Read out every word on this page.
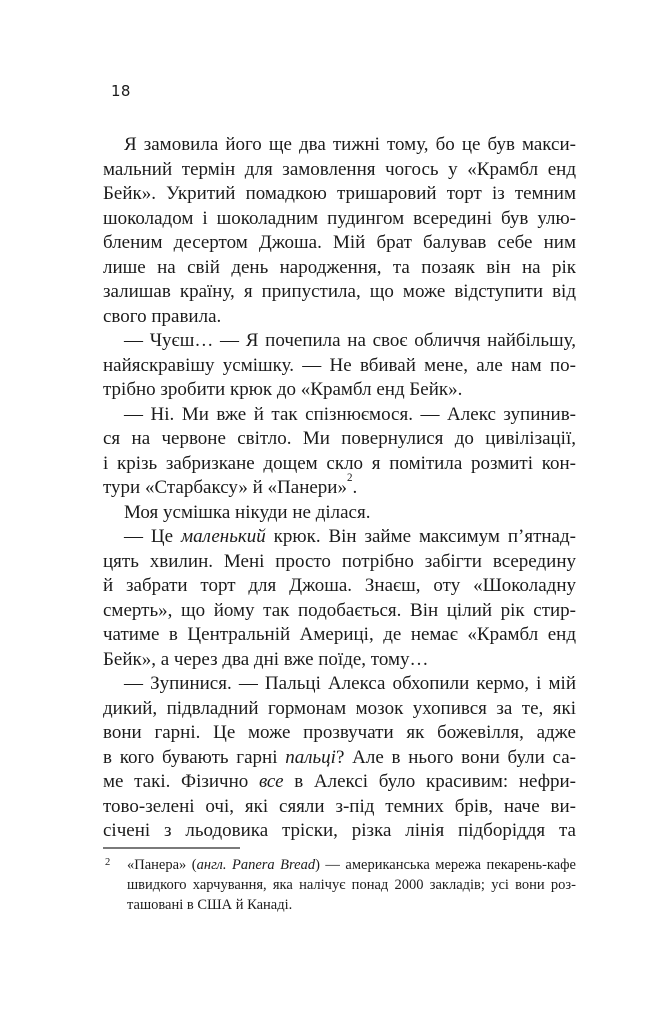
18
Я замовила його ще два тижні тому, бо це був макси-
мальний термін для замовлення чогось у «Крамбл енд
Бейк». Укритий помадкою тришаровий торт із темним
шоколадом і шоколадним пудингом всередині був улю-
бленим десертом Джоша. Мій брат балував себе ним
лише на свій день народження, та позаяк він на рік
залишав країну, я припустила, що може відступити від
свого правила.
— Чуєш… — Я почепила на своє обличчя найбільшу,
найяскравішу усмішку. — Не вбивай мене, але нам по-
трібно зробити крюк до «Крамбл енд Бейк».
— Ні. Ми вже й так спізнюємося. — Алекс зупинив-
ся на червоне світло. Ми повернулися до цивілізації,
і крізь забризкане дощем скло я помітила розмиті кон-
тури «Старбаксу» й «Панери»$^2$.
Моя усмішка нікуди не ділася.
— Це маленький крюк. Він займе максимум п’ятнад-
цять хвилин. Мені просто потрібно забігти всередину
й забрати торт для Джоша. Знаєш, оту «Шоколадну
смерть», що йому так подобається. Він цілий рік стир-
чатиме в Центральній Америці, де немає «Крамбл енд
Бейк», а через два дні вже поїде, тому…
— Зупинися. — Пальці Алекса обхопили кермо, і мій
дикий, підвладний гормонам мозок ухопився за те, які
вони гарні. Це може прозвучати як божевілля, адже
в кого бувають гарні пальці? Але в нього вони були са-
ме такі. Фізично все в Алексі було красивим: нефри-
тово-зелені очі, які сяяли з-під темних брів, наче ви-
січені з льодовика тріски, різка лінія підборіддя та
2 «Панера» (англ. Panera Bread) — американська мережа пекарень-кафе
швидкого харчування, яка налічує понад 2000 закладів; усі вони роз-
ташовані в США й Канаді.
